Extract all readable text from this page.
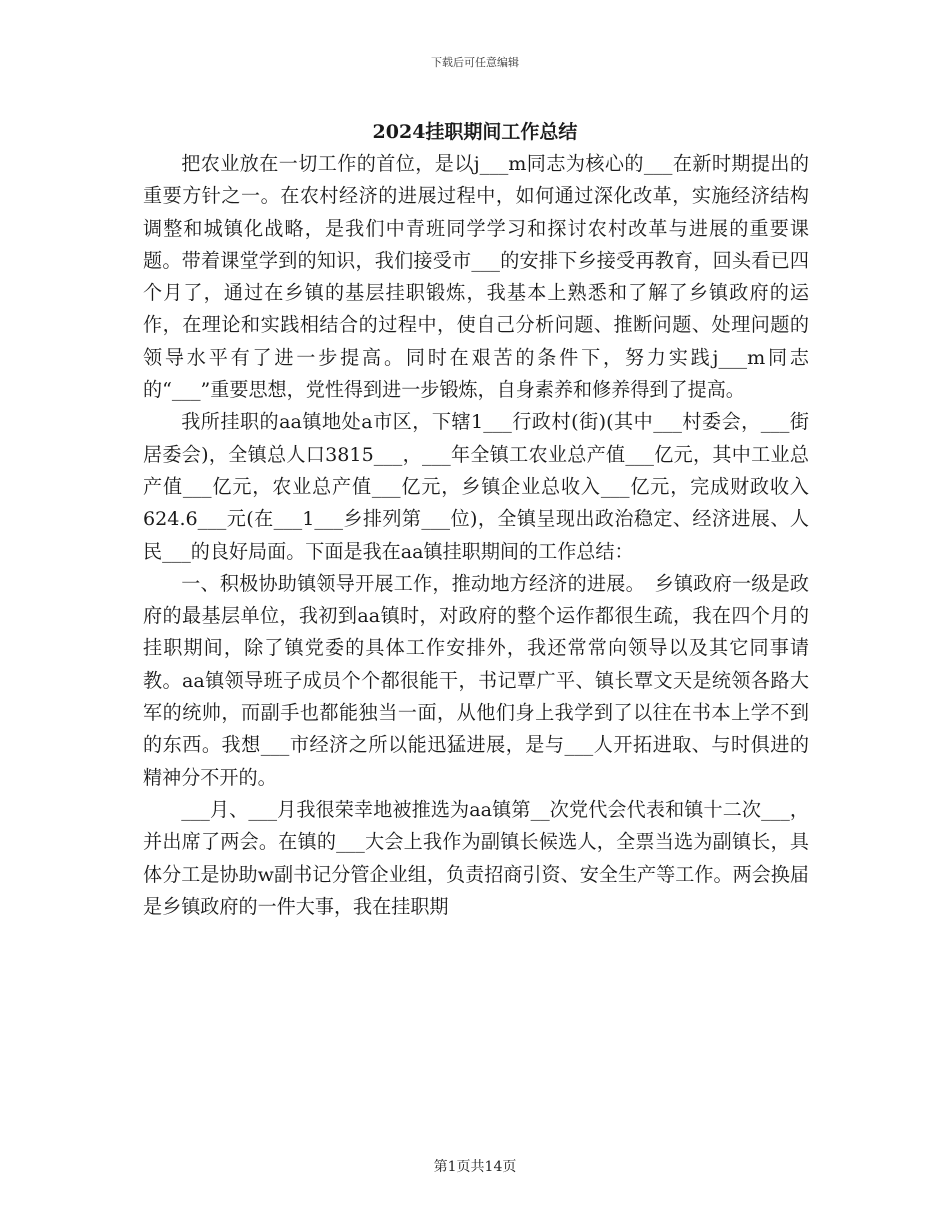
下载后可任意编辑
2024挂职期间工作总结

把农业放在一切工作的首位，是以j___m同志为核心的___在新时期提出的重要方针之一。在农村经济的进展过程中，如何通过深化改革，实施经济结构调整和城镇化战略，是我们中青班同学学习和探讨农村改革与进展的重要课题。带着课堂学到的知识，我们接受市___的安排下乡接受再教育，回头看已四个月了，通过在乡镇的基层挂职锻炼，我基本上熟悉和了解了乡镇政府的运作，在理论和实践相结合的过程中，使自己分析问题、推断问题、处理问题的领导水平有了进一步提高。同时在艰苦的条件下，努力实践j___m同志的“___”重要思想，党性得到进一步锻炼，自身素养和修养得到了提高。

我所挂职的aa镇地处a市区，下辖1___行政村(街)(其中___村委会，___街居委会)，全镇总人口3815___，___年全镇工农业总产值___亿元，其中工业总产值___亿元，农业总产值___亿元，乡镇企业总收入___亿元，完成财政收入624.6___元(在___1___乡排列第___位)，全镇呈现出政治稳定、经济进展、人民___的良好局面。下面是我在aa镇挂职期间的工作总结：

一、积极协助镇领导开展工作，推动地方经济的进展。　乡镇政府一级是政府的最基层单位，我初到aa镇时，对政府的整个运作都很生疏，我在四个月的挂职期间，除了镇党委的具体工作安排外，我还常常向领导以及其它同事请教。aa镇领导班子成员个个都很能干，书记覃广平、镇长覃文天是统领各路大军的统帅，而副手也都能独当一面，从他们身上我学到了以往在书本上学不到的东西。我想___市经济之所以能迅猛进展，是与___人开拓进取、与时俱进的精神分不开的。

___月、___月我很荣幸地被推选为aa镇第__次党代会代表和镇十二次___，并出席了两会。在镇的___大会上我作为副镇长候选人，全票当选为副镇长，具体分工是协助w副书记分管企业组，负责招商引资、安全生产等工作。两会换届是乡镇政府的一件大事，我在挂职期

第1页共14页
